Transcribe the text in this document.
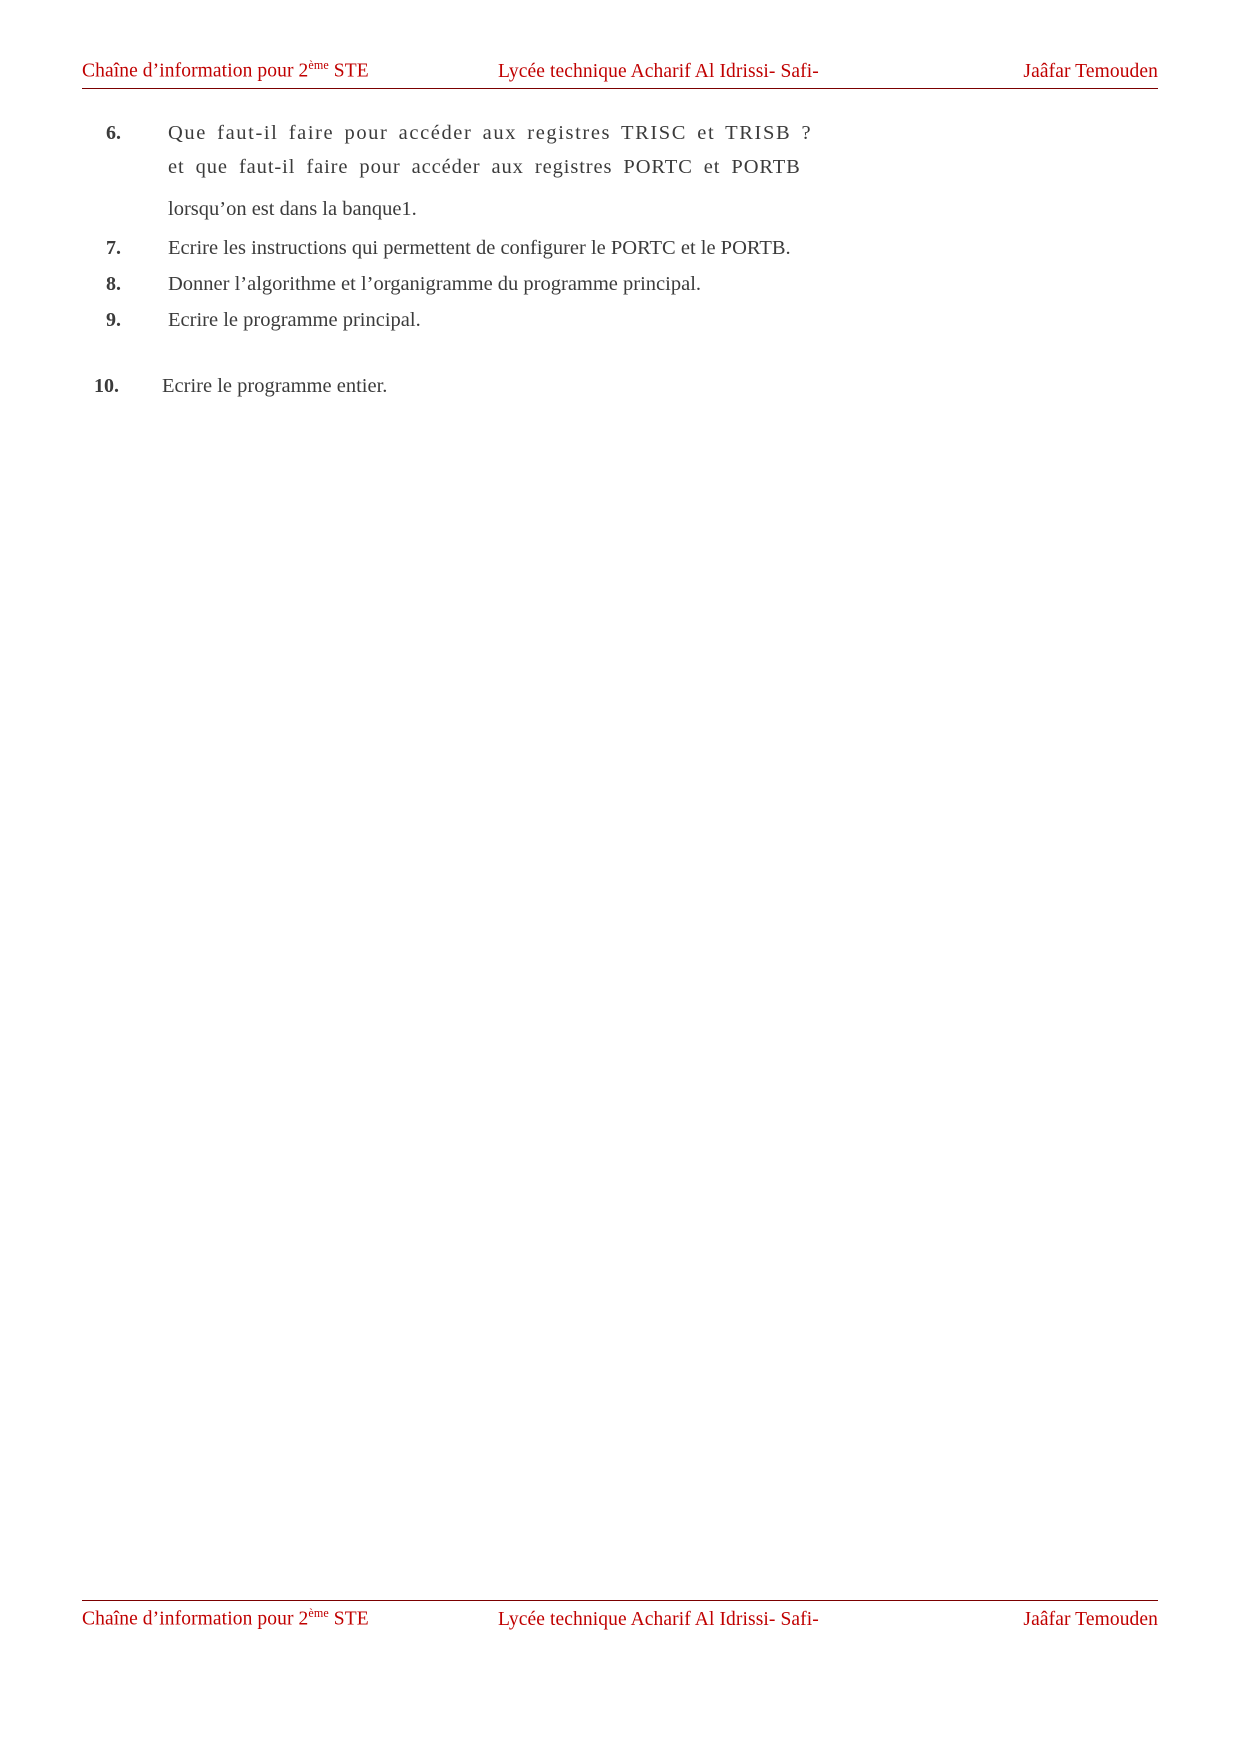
Chaîne d’information pour 2ème STE	Lycée technique Acharif Al Idrissi- Safi-	Jaâfar Temouden
6.	Que faut-il faire pour accéder aux registres TRISC et TRISB ?
et que faut-il faire pour accéder aux registres PORTC et PORTB
lorsqu’on est dans la banque1.
7.	Ecrire les instructions qui permettent de configurer le PORTC et le PORTB.
8.	Donner l’algorithme et l’organigramme du programme principal.
9.	Ecrire le programme principal.
10.	Ecrire le programme entier.
Chaîne d’information pour 2ème STE	Lycée technique Acharif Al Idrissi- Safi-	Jaâfar Temouden
